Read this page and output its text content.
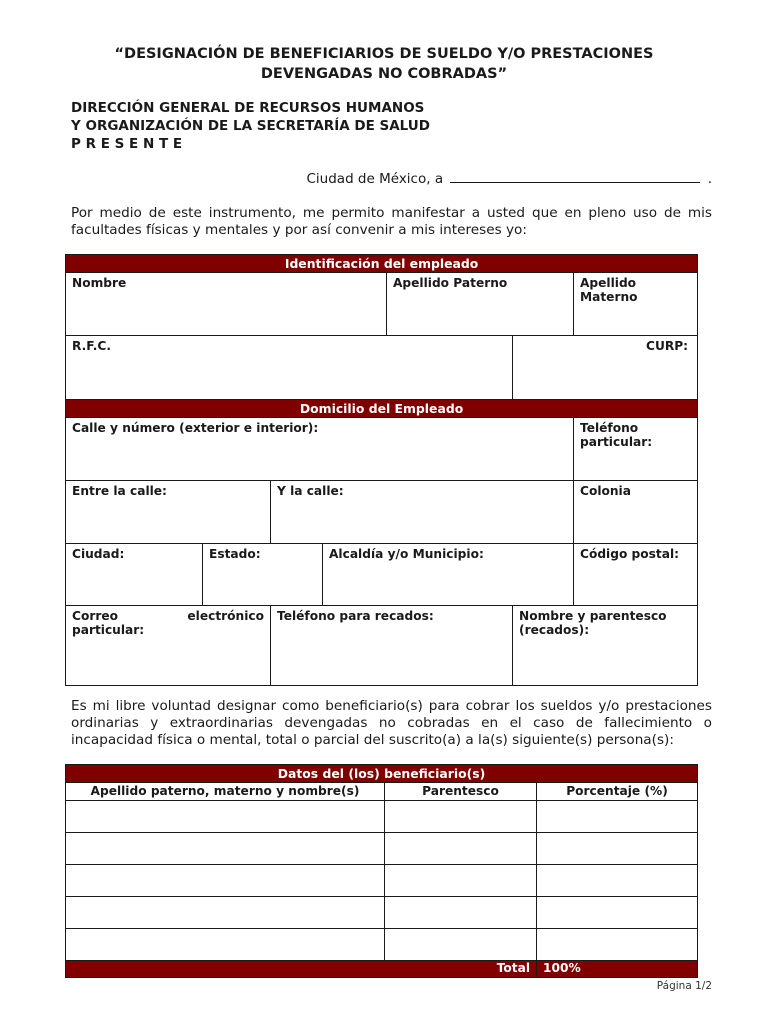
“DESIGNACIÓN DE BENEFICIARIOS DE SUELDO Y/O PRESTACIONES
DEVENGADAS NO COBRADAS”
DIRECCIÓN GENERAL DE RECURSOS HUMANOS
Y ORGANIZACIÓN DE LA SECRETARÍA DE SALUD
P R E S E N T E
Ciudad de México, a	.
Por medio de este instrumento, me permito manifestar a usted que en pleno uso de mis facultades físicas y mentales y por así convenir a mis intereses yo:
Identificación del empleado						
Nombre				Apellido Paterno		Apellido Materno
R.F.C.					CURP:	
Domicilio del Empleado						
Calle y número (exterior e interior):						Teléfono particular:
Entre la calle:		Y la calle:				Colonia
Ciudad:	Estado:		Alcaldía y/o Municipio:			Código postal:

Correo electrónico
particular:		Teléfono para recados:			Nombre y parentesco (recados):	
Es mi libre voluntad designar como beneficiario(s) para cobrar los sueldos y/o prestaciones ordinarias y extraordinarias devengadas no cobradas en el caso de fallecimiento o incapacidad física o mental, total o parcial del suscrito(a) a la(s) siguiente(s) persona(s):
Datos del (los) beneficiario(s)		
Apellido paterno, materno y nombre(s)	Parentesco	Porcentaje (%)

Total		100%
Página 1/2
